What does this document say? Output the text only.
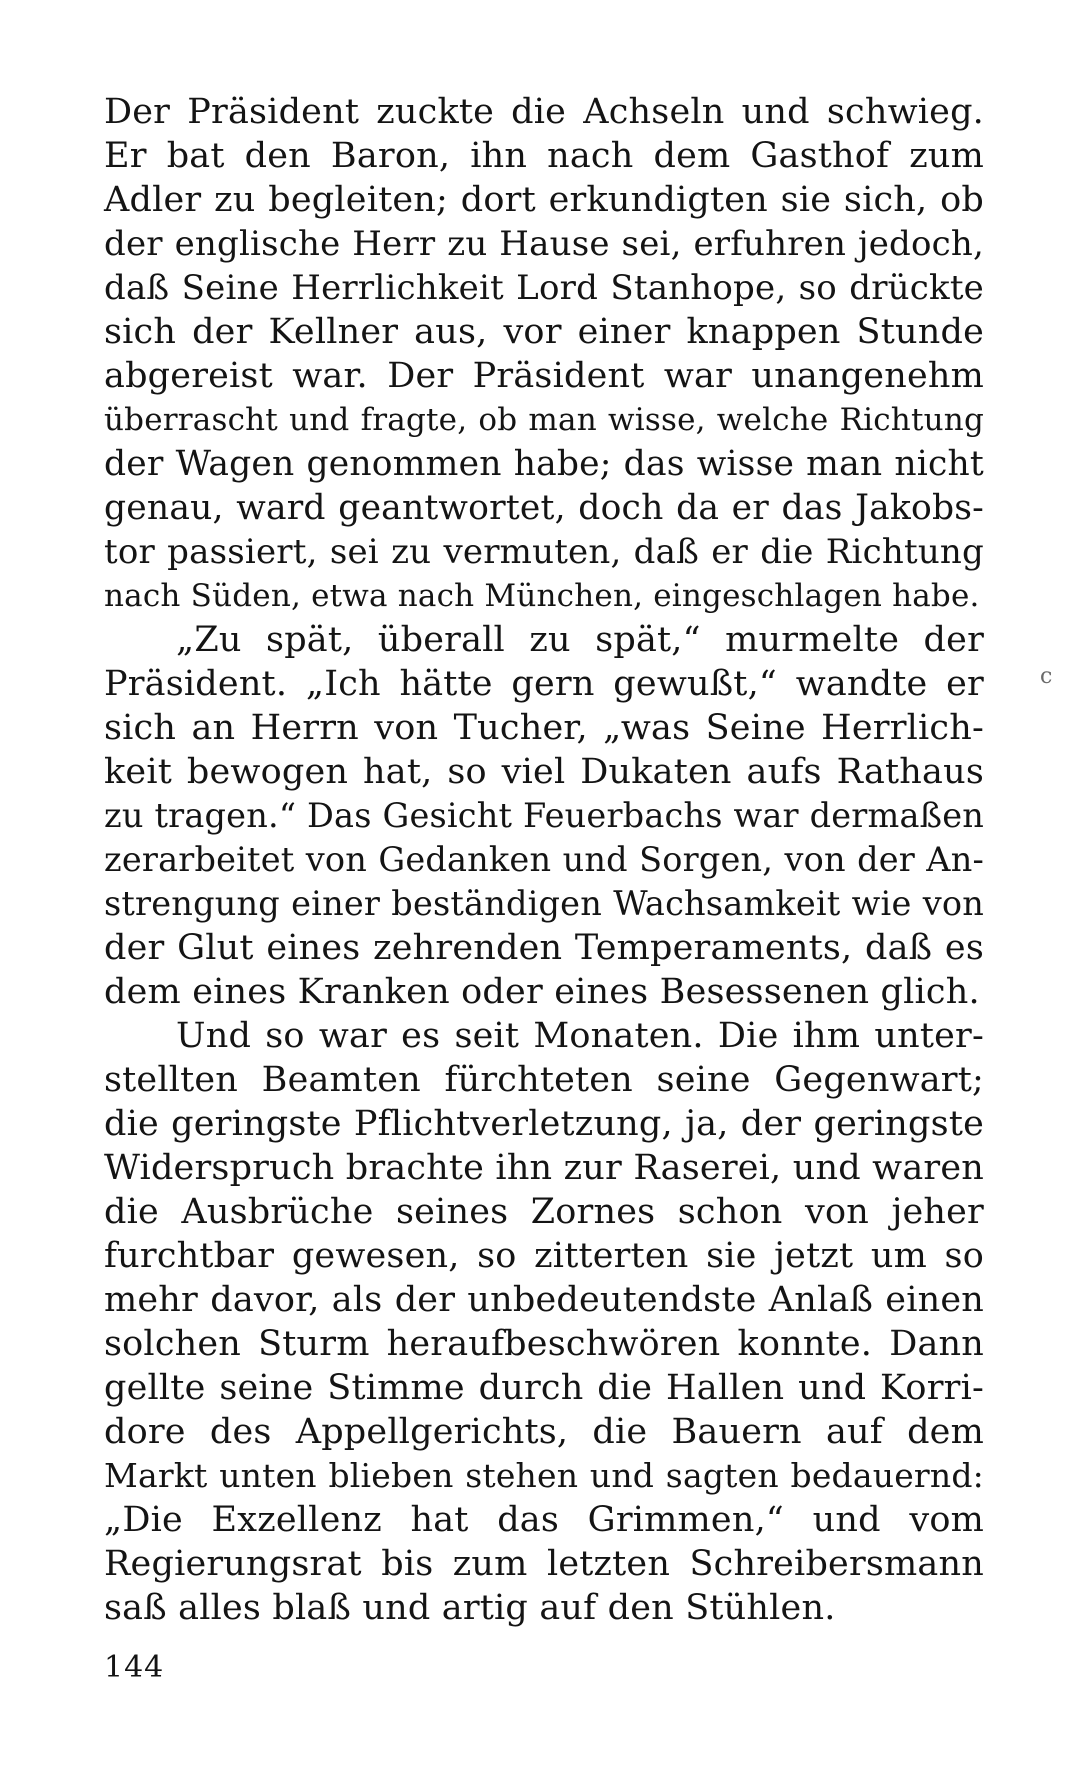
Der Präsident zuckte die Achseln und schwieg.
Er bat den Baron, ihn nach dem Gasthof zum
Adler zu begleiten; dort erkundigten sie sich, ob
der englische Herr zu Hause sei, erfuhren jedoch,
daß Seine Herrlichkeit Lord Stanhope, so drückte
sich der Kellner aus, vor einer knappen Stunde
abgereist war. Der Präsident war unangenehm
überrascht und fragte, ob man wisse, welche Richtung
der Wagen genommen habe; das wisse man nicht
genau, ward geantwortet, doch da er das Jakobs-
tor passiert, sei zu vermuten, daß er die Richtung
nach Süden, etwa nach München, eingeschlagen habe.
„Zu spät, überall zu spät,“ murmelte der
Präsident. „Ich hätte gern gewußt,“ wandte er
sich an Herrn von Tucher, „was Seine Herrlich-
keit bewogen hat, so viel Dukaten aufs Rathaus
zu tragen.“ Das Gesicht Feuerbachs war dermaßen
zerarbeitet von Gedanken und Sorgen, von der An-
strengung einer beständigen Wachsamkeit wie von
der Glut eines zehrenden Temperaments, daß es
dem eines Kranken oder eines Besessenen glich.
Und so war es seit Monaten. Die ihm unter-
stellten Beamten fürchteten seine Gegenwart;
die geringste Pflichtverletzung, ja, der geringste
Widerspruch brachte ihn zur Raserei, und waren
die Ausbrüche seines Zornes schon von jeher
furchtbar gewesen, so zitterten sie jetzt um so
mehr davor, als der unbedeutendste Anlaß einen
solchen Sturm heraufbeschwören konnte. Dann
gellte seine Stimme durch die Hallen und Korri-
dore des Appellgerichts, die Bauern auf dem
Markt unten blieben stehen und sagten bedauernd:
„Die Exzellenz hat das Grimmen,“ und vom
Regierungsrat bis zum letzten Schreibersmann
saß alles blaß und artig auf den Stühlen.
c
144
